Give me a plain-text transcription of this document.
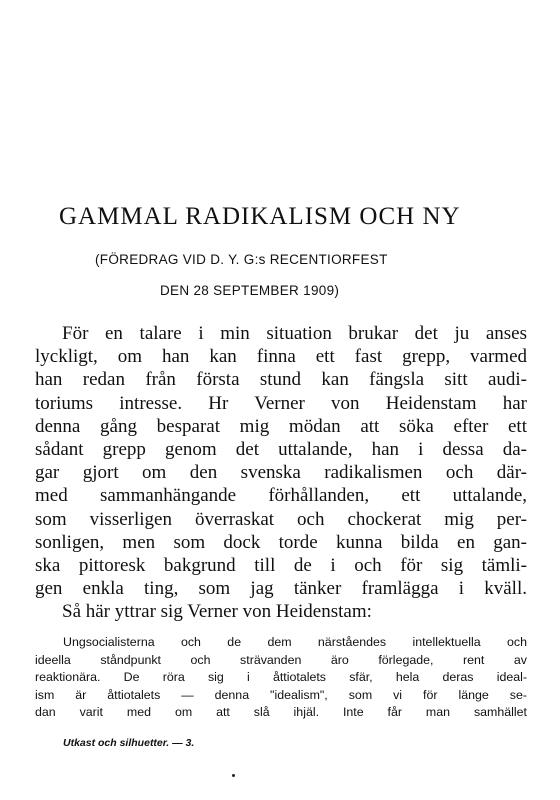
GAMMAL RADIKALISM OCH NY
(FÖREDRAG VID D. Y. G:s RECENTIORFEST
DEN 28 SEPTEMBER 1909)
För en talare i min situation brukar det ju anses
lyckligt, om han kan finna ett fast grepp, varmed
han redan från första stund kan fängsla sitt audi-
toriums intresse. Hr Verner von Heidenstam har
denna gång besparat mig mödan att söka efter ett
sådant grepp genom det uttalande, han i dessa da-
gar gjort om den svenska radikalismen och där-
med sammanhängande förhållanden, ett uttalande,
som visserligen överraskat och chockerat mig per-
sonligen, men som dock torde kunna bilda en gan-
ska pittoresk bakgrund till de i och för sig tämli-
gen enkla ting, som jag tänker framlägga i kväll.
Så här yttrar sig Verner von Heidenstam:
Ungsocialisterna och de dem närståendes intellektuella och
ideella ståndpunkt och strävanden äro förlegade, rent av
reaktionära. De röra sig i åttiotalets sfär, hela deras ideal-
ism är åttiotalets — denna "idealism", som vi för länge se-
dan varit med om att slå ihjäl. Inte får man samhället
Utkast och silhuetter. — 3.
